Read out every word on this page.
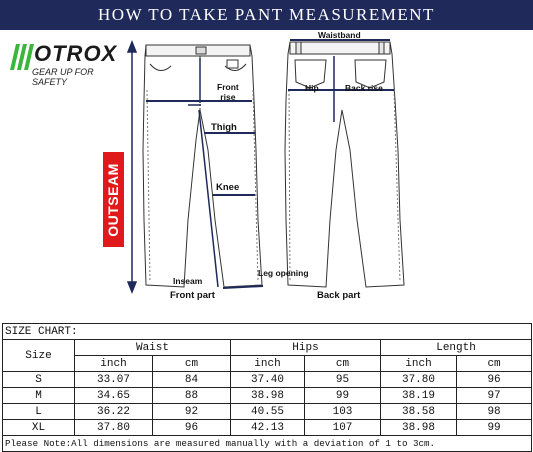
HOW TO TAKE PANT MEASUREMENT
OTROX
GEAR UP FOR SAFETY
Waistband
Front
rise
Thigh
Knee
Inseam
Leg opening
Front part
Hip	Back rise
Back part
OUTSEAM
SIZE CHART:						
Size	Waist		Hips		Length	
	inch	cm	inch	cm	inch	cm
S	33.07	84	37.40	95	37.80	96
M	34.65	88	38.98	99	38.19	97
L	36.22	92	40.55	103	38.58	98
XL	37.80	96	42.13	107	38.98	99
Please Note:All dimensions are measured manually with a deviation of 1 to 3cm.						
